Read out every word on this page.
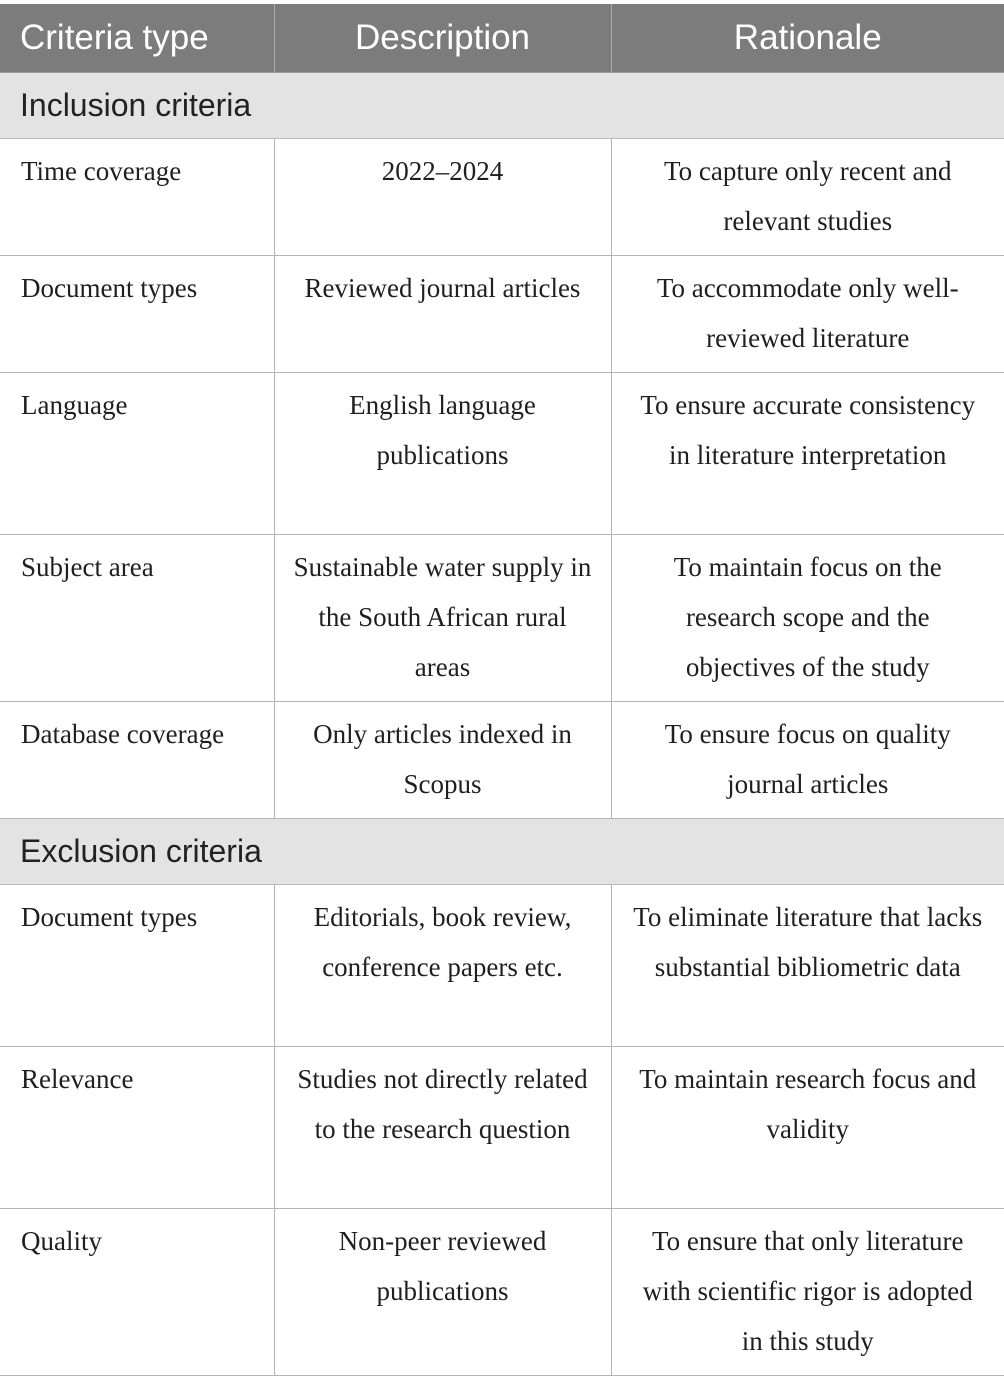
Criteria type	Description	Rationale
Inclusion criteria		
Time coverage	2022–2024	To capture only recent and relevant studies
Document types	Reviewed journal articles	To accommodate only well-reviewed literature
Language	English language publications	To ensure accurate consistency in literature interpretation
Subject area	Sustainable water supply in the South African rural areas	To maintain focus on the research scope and the objectives of the study
Database coverage	Only articles indexed in Scopus	To ensure focus on quality journal articles
Exclusion criteria		
Document types	Editorials, book review, conference papers etc.	To eliminate literature that lacks substantial bibliometric data
Relevance	Studies not directly related to the research question	To maintain research focus and validity
Quality	Non-peer reviewed publications	To ensure that only literature with scientific rigor is adopted in this study
